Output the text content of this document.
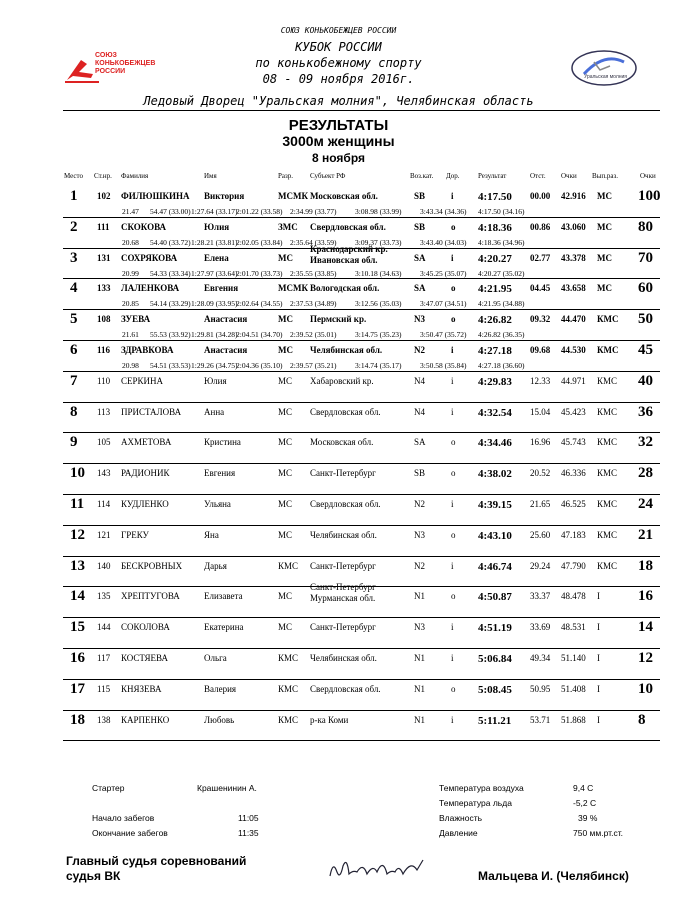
СОЮЗ КОНЬКОБЕЖЦЕВ РОССИИ
СОЮЗ
КОНЬКОБЕЖЦЕВ
РОССИИ
КУБОК РОССИИ
по конькобежному спорту
08 - 09 ноября 2016г.	Уральская молния
Ледовый Дворец "Уральская молния", Челябинская область
РЕЗУЛЬТАТЫ
3000м женщины
8 ноября
Место Ст.нр. Фамилия	Имя	Разр. Субъект РФ	Воз.кат. Дор.	Результат	Отст. Очки Вып.раз.	Очки
1 102 ФИЛЮШКИНА Виктория	МСМК Московская обл.	SB	i 4:17.50 00.00 42.916 МС 100
21.47 54.47 (33.00) 1:27.64 (33.17)
2:01.22 (33.58) 2:34.99 (33.77) 3:08.98 (33.99) 3:43.34 (34.36) 4:17.50 (34.16)
2 111 СКОКОВА	Юлия	ЗМС Свердловская обл.	SB	o 4:18.36 00.86 43.060 МС 80
20.68 54.40 (33.72) 1:28.21 (33.81)
2:02.05 (33.84) 2:35.64 (33.59) 3:09.37 (33.73) 3:43.40 (34.03) 4:18.36 (34.96)
3 131 СОХРЯКОВА	Елена	МС	SA	i 4:20.27 02.77 43.378 МС 70
Краснодарский кр.
Ивановская обл.
20.99 54.33 (33.34) 1:27.97 (33.64)
2:01.70 (33.73) 2:35.55 (33.85) 3:10.18 (34.63) 3:45.25 (35.07) 4:20.27 (35.02)
4 133 ЛАЛЕНКОВА	Евгения	МСМК Вологодская обл.	SA	o 4:21.95 04.45 43.658 МС 60
20.85 54.14 (33.29) 1:28.09 (33.95)
2:02.64 (34.55) 2:37.53 (34.89) 3:12.56 (35.03) 3:47.07 (34.51) 4:21.95 (34.88)
5 108 ЗУЕВА	Анастасия	МС Пермский кр.	N3	o 4:26.82 09.32 44.470 КМС 50
21.61 55.53 (33.92) 1:29.81 (34.28)
2:04.51 (34.70) 2:39.52 (35.01) 3:14.75 (35.23) 3:50.47 (35.72) 4:26.82 (36.35)
6 116 ЗДРАВКОВА	Анастасия	МС Челябинская обл.	N2	i 4:27.18 09.68 44.530 КМС 45
20.98 54.51 (33.53) 1:29.26 (34.75)
2:04.36 (35.10) 2:39.57 (35.21) 3:14.74 (35.17) 3:50.58 (35.84) 4:27.18 (36.60)
7 110 СЕРКИНА	Юлия	МС Хабаровский кр.	N4	i 4:29.83 12.33 44.971 КМС 40
8 113 ПРИСТАЛОВА	Анна	МС Свердловская обл.	N4	i 4:32.54 15.04 45.423 КМС 36
9 105 АХМЕТОВА	Кристина	МС Московская обл.	SA	o 4:34.46 16.96 45.743 КМС 32
10 143 РАДИОНИК	Евгения	МС Санкт-Петербург	SB	o 4:38.02 20.52 46.336 КМС 28
11 114 КУДЛЕНКО	Ульяна	МС Свердловская обл.	N2	i 4:39.15 21.65 46.525 КМС 24
12 121 ГРЕКУ	Яна	МС Челябинская обл.	N3	o 4:43.10 25.60 47.183 КМС 21
13 140 БЕСКРОВНЫХ Дарья	КМС Санкт-Петербург	N2	i 4:46.74 29.24 47.790 КМС 18
14 135 ХРЕПТУГОВА	Елизавета	МС	N1	o 4:50.87 33.37 48.478 I	16
Санкт-Петербург
Мурманская обл.
15 144 СОКОЛОВА	Екатерина	МС Санкт-Петербург	N3	i 4:51.19 33.69 48.531 I	14
16 117 КОСТЯЕВА	Ольга	КМС Челябинская обл.	N1	i 5:06.84 49.34 51.140 I	12
17 115 КНЯЗЕВА	Валерия	КМС Свердловская обл.	N1	o 5:08.45 50.95 51.408 I	10
18 138 КАРПЕНКО	Любовь	КМС р-ка Коми	N1	i 5:11.21 53.71 51.868 I	8
Стартер	Крашенинин А.
Начало забегов	11:05
Окончание забегов	11:35
Температура воздуха	9,4 С
Температура льда	-5,2 С
Влажность	39 %
Давление	750 мм.рт.ст.
Главный судья соревнований
судья ВК	Мальцева И. (Челябинск)
